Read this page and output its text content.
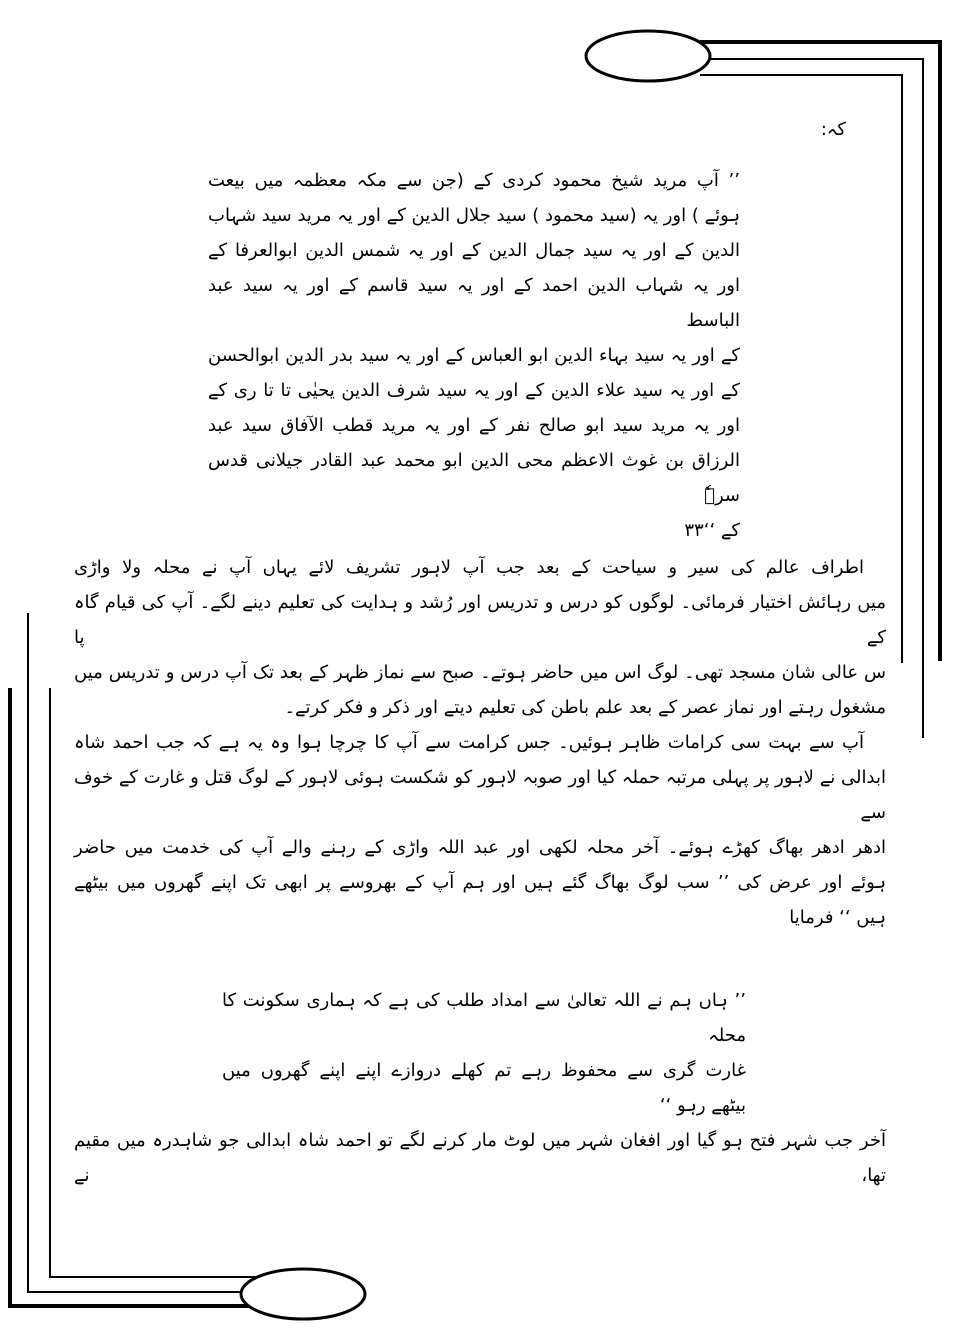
کہ:
’’ آپ مرید شیخ محمود کردی کے (جن سے مکہ معظمہ میں بیعت
ہوئے ) اور یہ (سید محمود ) سید جلال الدین کے اور یہ مرید سید شہاب
الدین کے اور یہ سید جمال الدین کے اور یہ شمس الدین ابوالعرفا کے
اور یہ شہاب الدین احمد کے اور یہ سید قاسم کے اور یہ سید عبد الباسط
کے اور یہ سید بہاء الدین ابو العباس کے اور یہ سید بدر الدین ابوالحسن
کے اور یہ سید علاء الدین کے اور یہ سید شرف الدین یحیٰی تا تا ری کے
اور یہ مرید سید ابو صالح نفر کے اور یہ مرید قطب الآفاق سید عبد
الرزاق بن غوث الاعظم محی الدین ابو محمد عبد القادر جیلانی قدس سرہٗ
کے ‘‘۳۳
اطراف عالم کی سیر و سیاحت کے بعد جب آپ لاہور تشریف لائے یہاں آپ نے محلہ ولا واڑی
میں رہائش اختیار فرمائی۔ لوگوں کو درس و تدریس اور رُشد و ہدایت کی تعلیم دینے لگے۔ آپ کی قیام گاہ کے پا
س عالی شان مسجد تھی۔ لوگ اس میں حاضر ہوتے۔ صبح سے نماز ظہر کے بعد تک آپ درس و تدریس میں
مشغول رہتے اور نماز عصر کے بعد علم باطن کی تعلیم دیتے اور ذکر و فکر کرتے۔
آپ سے بہت سی کرامات ظاہر ہوئیں۔ جس کرامت سے آپ کا چرچا ہوا وہ یہ ہے کہ جب احمد شاہ
ابدالی نے لاہور پر پہلی مرتبہ حملہ کیا اور صوبہ لاہور کو شکست ہوئی لاہور کے لوگ قتل و غارت کے خوف سے
ادھر ادھر بھاگ کھڑے ہوئے۔ آخر محلہ لکھی اور عبد اللہ واڑی کے رہنے والے آپ کی خدمت میں حاضر
ہوئے اور عرض کی ’’ سب لوگ بھاگ گئے ہیں اور ہم آپ کے بھروسے پر ابھی تک اپنے گھروں میں بیٹھے
ہیں ‘‘ فرمایا
’’ ہاں ہم نے اللہ تعالیٰ سے امداد طلب کی ہے کہ ہماری سکونت کا محلہ
غارت گری سے محفوظ رہے تم کھلے دروازے اپنے اپنے گھروں میں
بیٹھے رہو ‘‘
آخر جب شہر فتح ہو گیا اور افغان شہر میں لوٹ مار کرنے لگے تو احمد شاہ ابدالی جو شاہدرہ میں مقیم تھا، نے
